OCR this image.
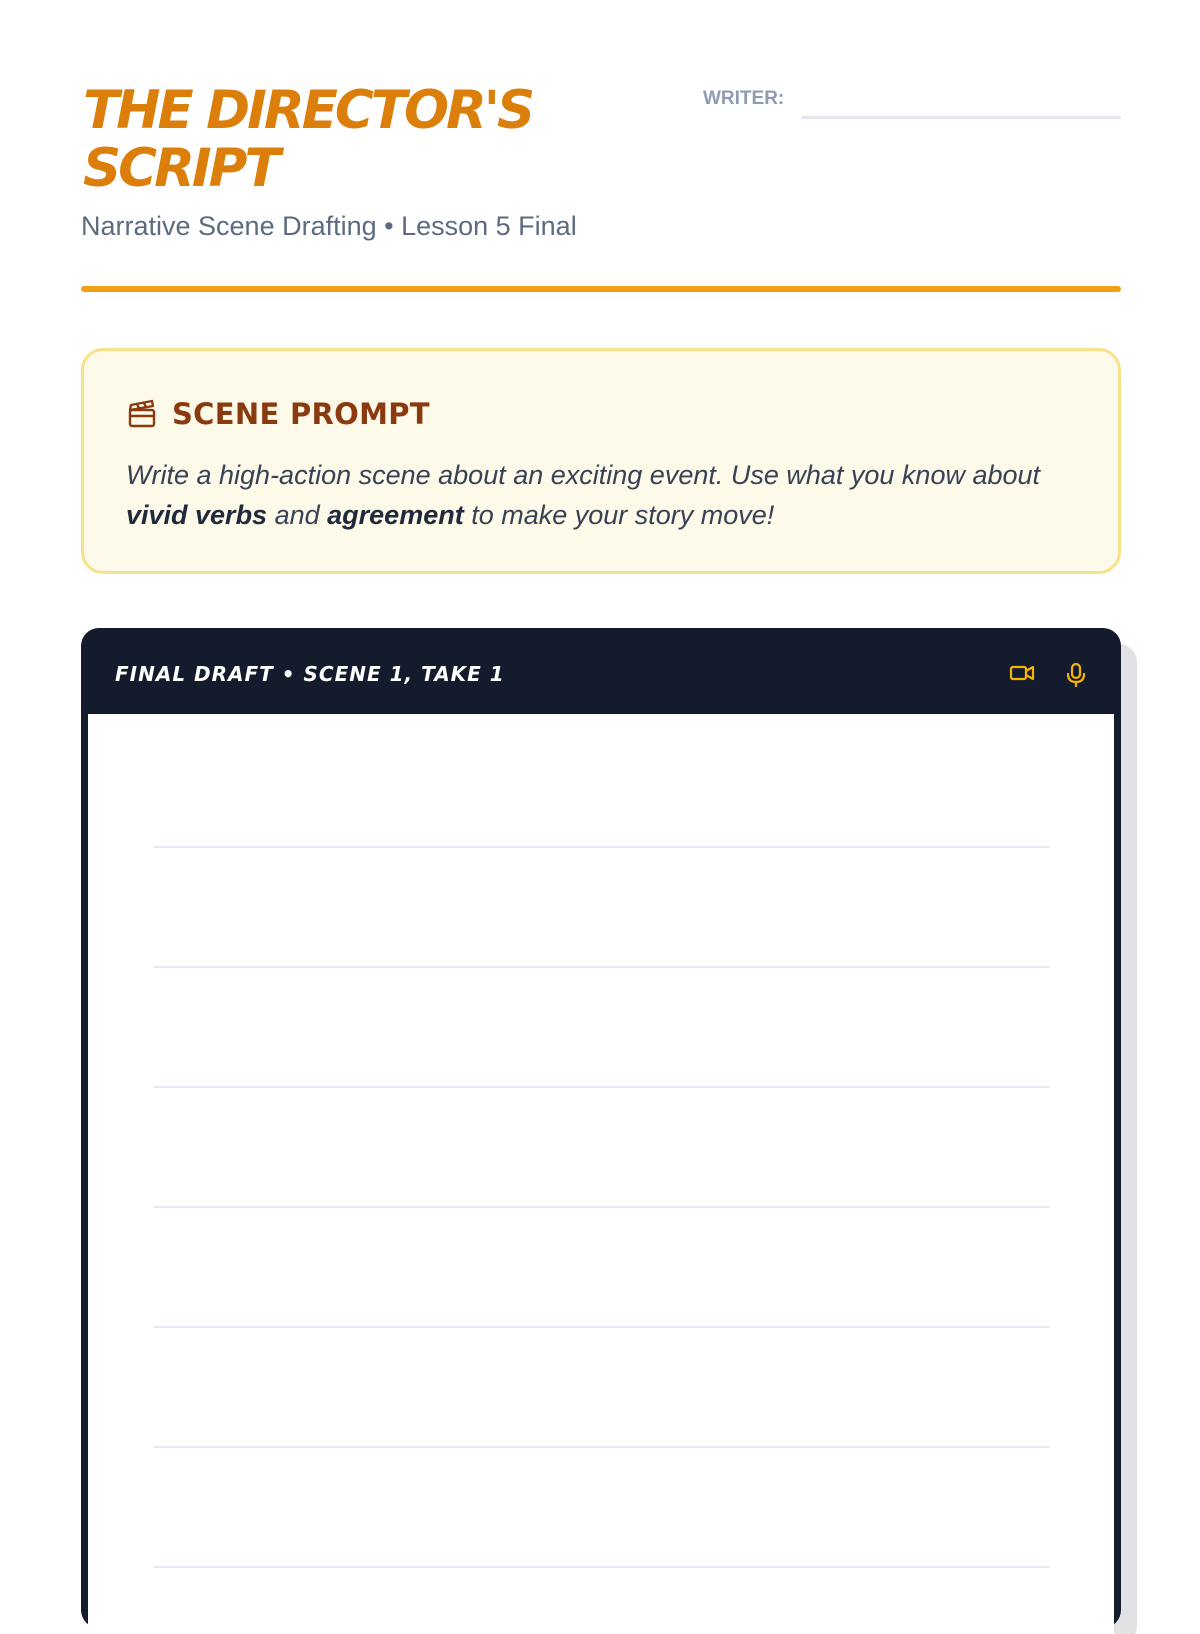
THE DIRECTOR'S SCRIPT
Narrative Scene Drafting • Lesson 5 Final
WRITER:
SCENE PROMPT

Write a high-action scene about an exciting event. Use what you know about vivid verbs and agreement to make your story move!

FINAL DRAFT • SCENE 1, TAKE 1
